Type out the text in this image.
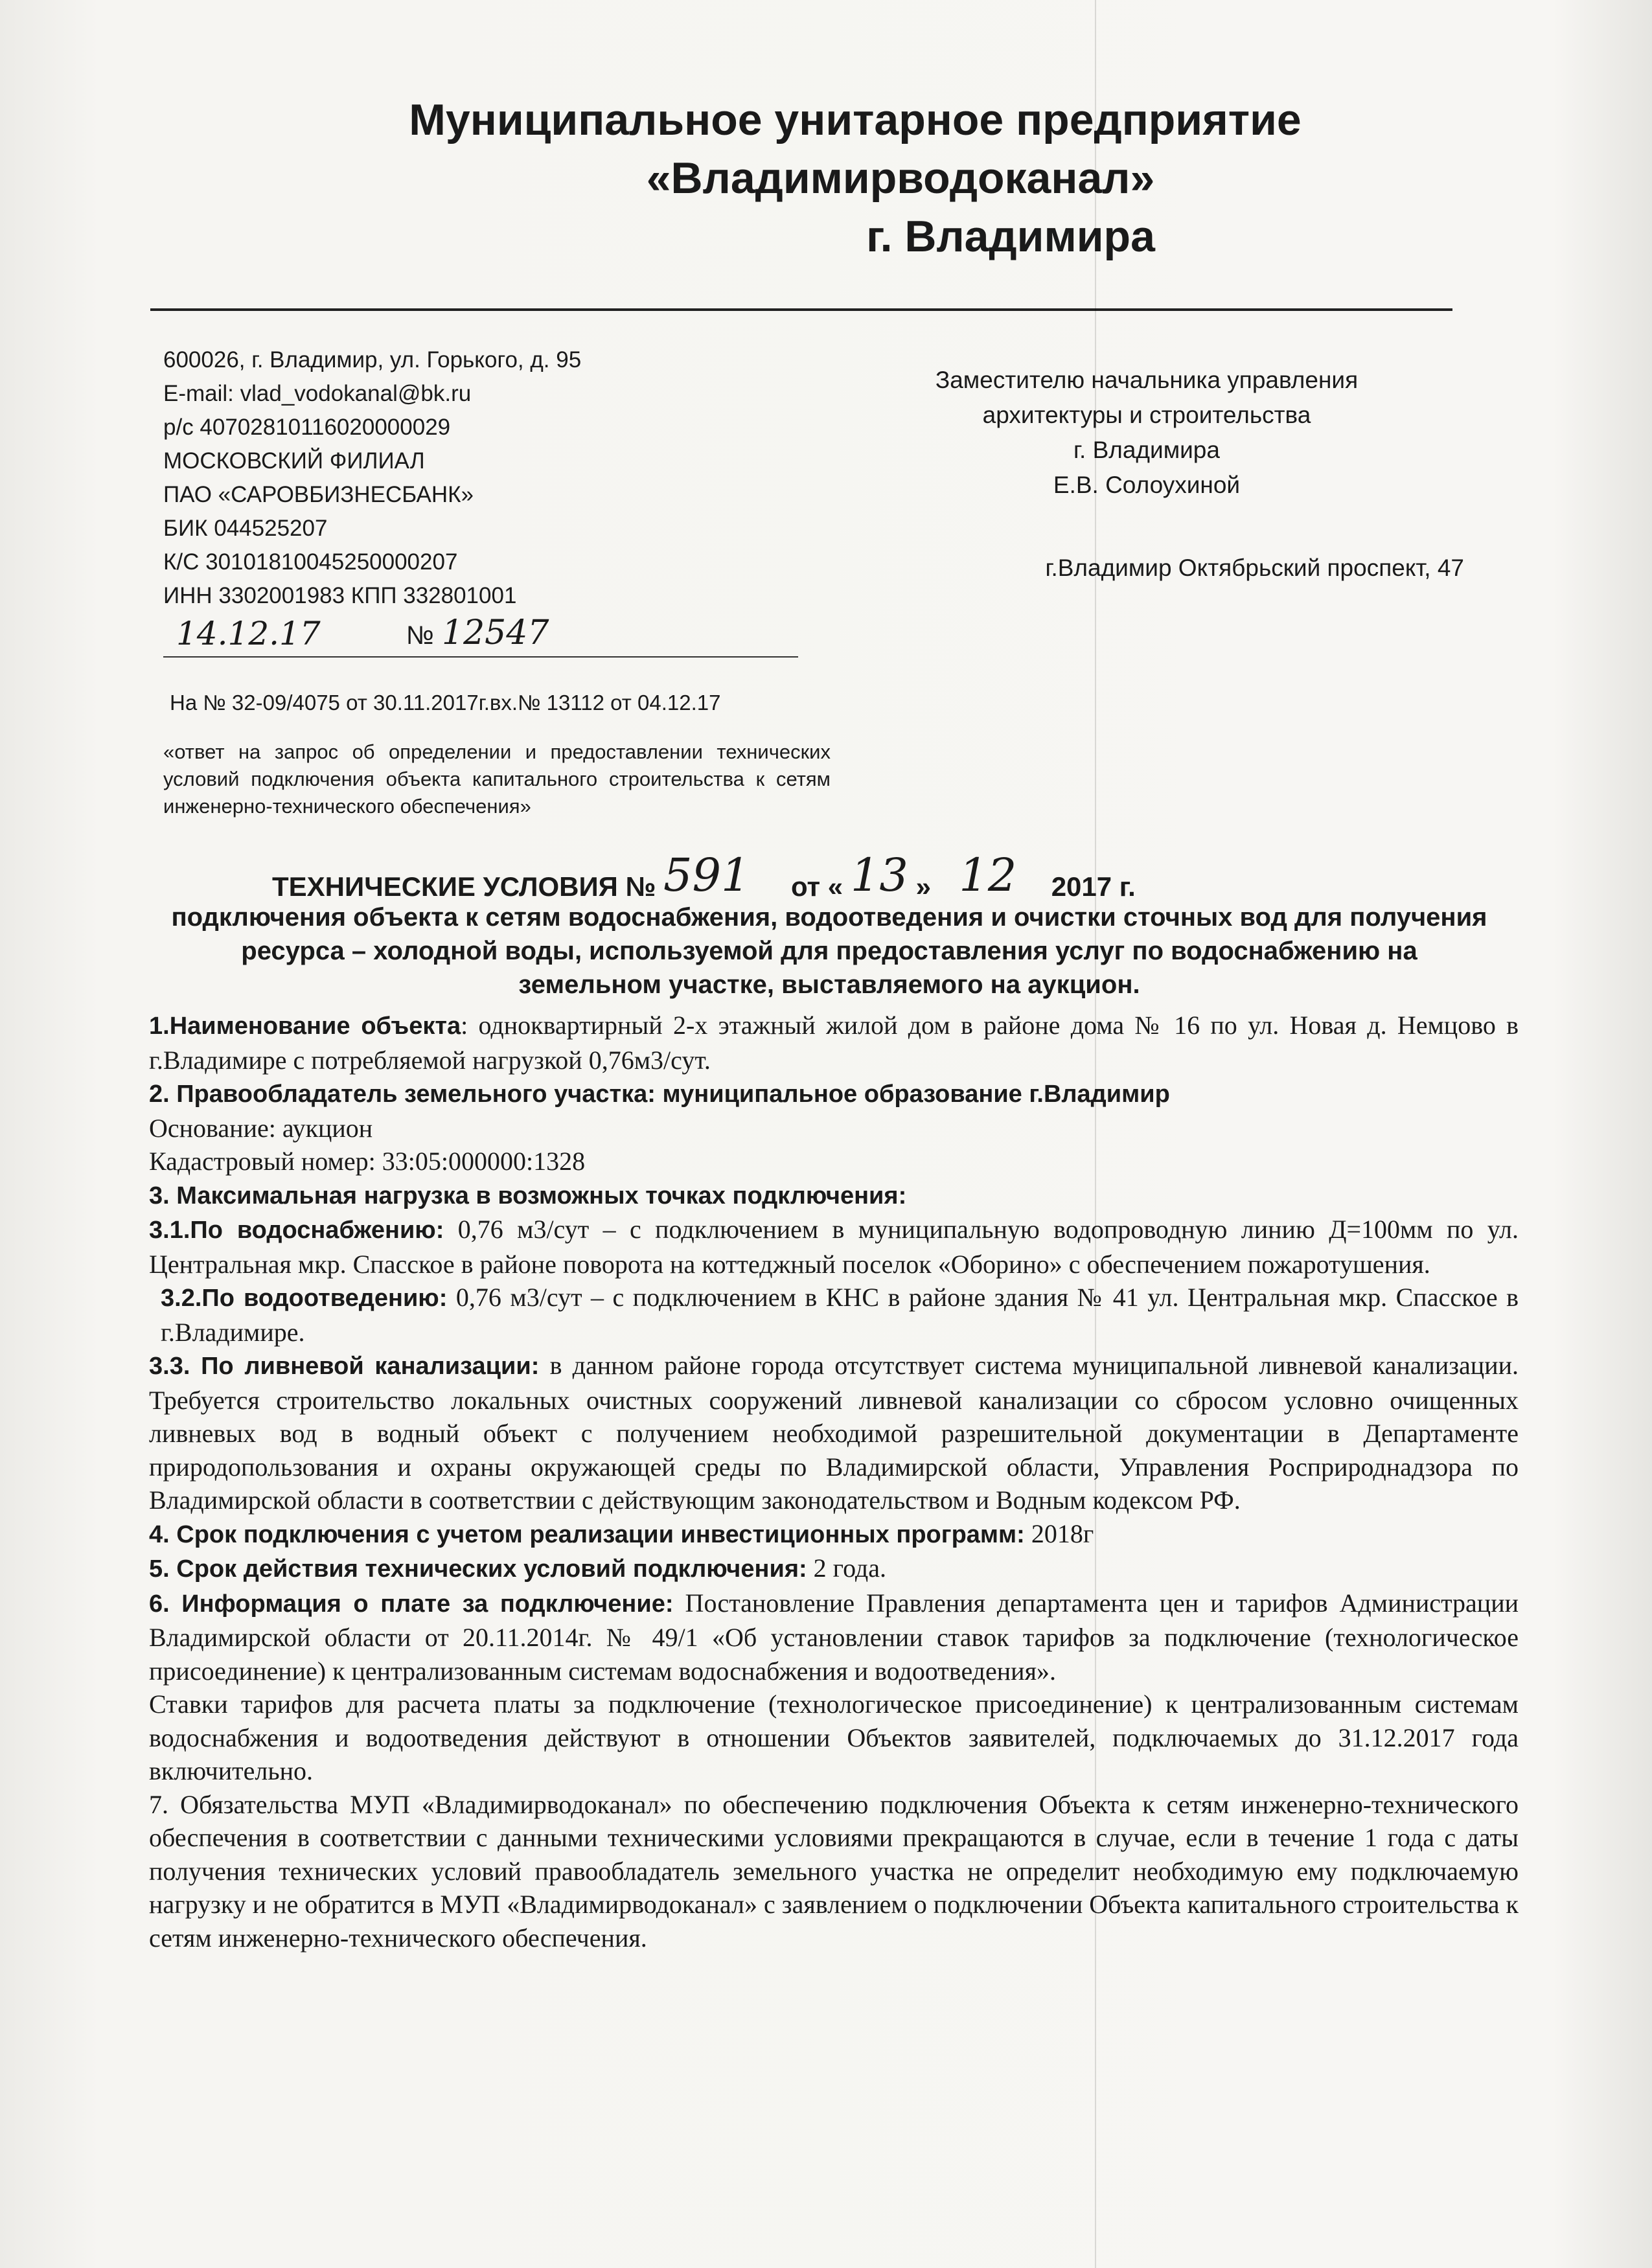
Муниципальное унитарное предприятие
«Владимирводоканал»
г. Владимира
600026, г. Владимир, ул. Горького, д. 95
E-mail: vlad_vodokanal@bk.ru
р/с 40702810116020000029
МОСКОВСКИЙ ФИЛИАЛ
ПАО «САРОВБИЗНЕСБАНК»
БИК 044525207
К/С 30101810045250000207
ИНН 3302001983 КПП 332801001
Заместителю начальника управления
архитектуры и строительства
г. Владимира
Е.В. Солоухиной
г.Владимир Октябрьский проспект, 47
14.12.17	№ 12547
На № 32-09/4075 от 30.11.2017г.вх.№ 13112 от 04.12.17
«ответ на запрос об определении и предоставлении технических условий подключения объекта капитального строительства к сетям инженерно-технического обеспечения»
ТЕХНИЧЕСКИЕ УСЛОВИЯ № 591 от « 13 » 12 2017 г.
подключения объекта к сетям водоснабжения, водоотведения и очистки сточных вод для получения ресурса – холодной воды, используемой для предоставления услуг по водоснабжению на земельном участке, выставляемого на аукцион.

1.Наименование объекта: одноквартирный 2-х этажный жилой дом в районе дома № 16 по ул. Новая д. Немцово в г.Владимире с потребляемой нагрузкой 0,76м3/сут.

2. Правообладатель земельного участка: муниципальное образование г.Владимир

Основание: аукцион

Кадастровый номер: 33:05:000000:1328

3. Максимальная нагрузка в возможных точках подключения:

3.1.По водоснабжению: 0,76 м3/сут – с подключением в муниципальную водопроводную линию Д=100мм по ул. Центральная мкр. Спасское в районе поворота на коттеджный поселок «Оборино» с обеспечением пожаротушения.

3.2.По водоотведению: 0,76 м3/сут – с подключением в КНС в районе здания № 41 ул. Центральная мкр. Спасское в г.Владимире.

3.3. По ливневой канализации: в данном районе города отсутствует система муниципальной ливневой канализации. Требуется строительство локальных очистных сооружений ливневой канализации со сбросом условно очищенных ливневых вод в водный объект с получением необходимой разрешительной документации в Департаменте природопользования и охраны окружающей среды по Владимирской области, Управления Росприроднадзора по Владимирской области в соответствии с действующим законодательством и Водным кодексом РФ.

4. Срок подключения с учетом реализации инвестиционных программ: 2018г

5. Срок действия технических условий подключения: 2 года.

6. Информация о плате за подключение: Постановление Правления департамента цен и тарифов Администрации Владимирской области от 20.11.2014г. № 49/1 «Об установлении ставок тарифов за подключение (технологическое присоединение) к централизованным системам водоснабжения и водоотведения».

Ставки тарифов для расчета платы за подключение (технологическое присоединение) к централизованным системам водоснабжения и водоотведения действуют в отношении Объектов заявителей, подключаемых до 31.12.2017 года включительно.

7. Обязательства МУП «Владимирводоканал» по обеспечению подключения Объекта к сетям инженерно-технического обеспечения в соответствии с данными техническими условиями прекращаются в случае, если в течение 1 года с даты получения технических условий правообладатель земельного участка не определит необходимую ему подключаемую нагрузку и не обратится в МУП «Владимирводоканал» с заявлением о подключении Объекта капитального строительства к сетям инженерно-технического обеспечения.
